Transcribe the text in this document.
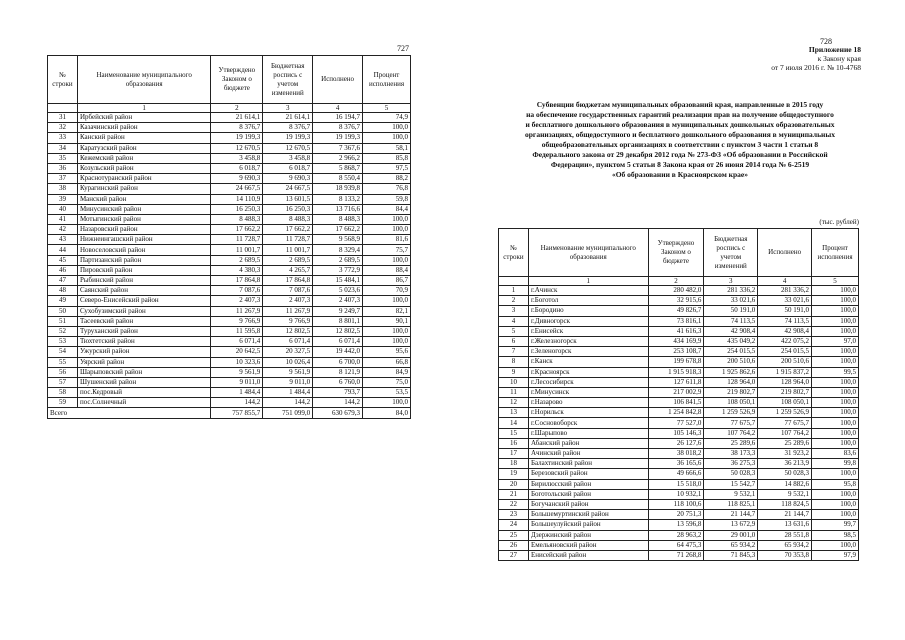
727
№ строки	Наименование муниципального образования	Утверждено Законом о бюджете	Бюджетная роспись с учетом изменений	Исполнено	Процент исполнения
	1	2	3	4	5
31	Ирбейский район	21 614,1	21 614,1	16 194,7	74,9
32	Казачинский район	8 376,7	8 376,7	8 376,7	100,0
33	Канский район	19 199,3	19 199,3	19 199,3	100,0
34	Каратузский район	12 670,5	12 670,5	7 367,6	58,1
35	Кежемский район	3 458,8	3 458,8	2 966,2	85,8
36	Козульский район	6 018,7	6 018,7	5 868,7	97,5
37	Краснотуранский район	9 690,3	9 690,3	8 550,4	88,2
38	Курагинский район	24 667,5	24 667,5	18 939,8	76,8
39	Манский район	14 110,9	13 601,5	8 133,2	59,8
40	Минусинский район	16 250,3	16 250,3	13 716,6	84,4
41	Мотыгинский район	8 488,3	8 488,3	8 488,3	100,0
42	Назаровский район	17 662,2	17 662,2	17 662,2	100,0
43	Нижнеингашский район	11 728,7	11 728,7	9 568,9	81,6
44	Новоселовский район	11 001,7	11 001,7	8 329,4	75,7
45	Партизанский район	2 689,5	2 689,5	2 689,5	100,0
46	Пировский район	4 380,3	4 265,7	3 772,9	88,4
47	Рыбинский район	17 864,8	17 864,8	15 484,1	86,7
48	Саянский район	7 087,6	7 087,6	5 023,6	70,9
49	Северо-Енисейский район	2 407,3	2 407,3	2 407,3	100,0
50	Сухобузимский район	11 267,9	11 267,9	9 249,7	82,1
51	Тасеевский район	9 766,9	9 766,9	8 801,1	90,1
52	Туруханский район	11 595,8	12 802,5	12 802,5	100,0
53	Тюхтетский район	6 071,4	6 071,4	6 071,4	100,0
54	Ужурский район	20 642,5	20 327,5	19 442,0	95,6
55	Уярский район	10 323,6	10 026,4	6 700,0	66,8
56	Шарыповский район	9 561,9	9 561,9	8 121,9	84,9
57	Шушенский район	9 011,0	9 011,0	6 760,0	75,0
58	пос.Кедровый	1 484,4	1 484,4	793,7	53,5
59	пос.Солнечный	144,2	144,2	144,2	100,0
Всего		757 855,7	751 099,0	630 679,3	84,0
728
Приложение 18
к Закону края
от 7 июля 2016 г. № 10-4768
Субвенции бюджетам муниципальных образований края, направленные в 2015 году
на обеспечение государственных гарантий реализации прав на получение общедоступного
и бесплатного дошкольного образования в муниципальных дошкольных образовательных
организациях, общедоступного и бесплатного дошкольного образования в муниципальных
общеобразовательных организациях в соответствии с пунктом 3 части 1 статьи 8
Федерального закона от 29 декабря 2012 года № 273-ФЗ «Об образовании в Российской
Федерации», пунктом 5 статьи 8 Закона края от 26 июня 2014 года № 6-2519
«Об образовании в Красноярском крае»
(тыс. рублей)
№ строки	Наименование муниципального образования	Утверждено Законом о бюджете	Бюджетная роспись с учетом изменений	Исполнено	Процент исполнения
	1	2	3	4	5
1	г.Ачинск	280 482,0	281 336,2	281 336,2	100,0
2	г.Боготол	32 915,6	33 021,6	33 021,6	100,0
3	г.Бородино	49 826,7	50 191,0	50 191,0	100,0
4	г.Дивногорск	73 816,1	74 113,5	74 113,5	100,0
5	г.Енисейск	41 616,3	42 908,4	42 908,4	100,0
6	г.Железногорск	434 169,9	435 049,2	422 075,2	97,0
7	г.Зеленогорск	253 108,7	254 015,5	254 015,5	100,0
8	г.Канск	199 678,8	200 510,6	200 510,6	100,0
9	г.Красноярск	1 915 918,3	1 925 862,6	1 915 837,2	99,5
10	г.Лесосибирск	127 611,8	128 964,0	128 964,0	100,0
11	г.Минусинск	217 002,9	219 802,7	219 802,7	100,0
12	г.Назарово	106 841,5	108 050,1	108 050,1	100,0
13	г.Норильск	1 254 842,8	1 259 526,9	1 259 526,9	100,0
14	г.Сосновоборск	77 527,0	77 675,7	77 675,7	100,0
15	г.Шарыпово	105 146,3	107 764,2	107 764,2	100,0
16	Абанский район	26 127,6	25 289,6	25 289,6	100,0
17	Ачинский район	38 018,2	38 173,3	31 923,2	83,6
18	Балахтинский район	36 165,6	36 275,3	36 213,9	99,8
19	Березовский район	49 666,6	50 028,3	50 028,3	100,0
20	Бирилюсский район	15 518,0	15 542,7	14 882,6	95,8
21	Боготольский район	10 932,1	9 532,1	9 532,1	100,0
22	Богучанский район	118 100,6	118 825,1	118 824,5	100,0
23	Большемуртинский район	20 751,3	21 144,7	21 144,7	100,0
24	Большеулуйский район	13 596,8	13 672,9	13 631,6	99,7
25	Дзержинский район	28 963,2	29 001,0	28 551,8	98,5
26	Емельяновский район	64 475,3	65 934,2	65 934,2	100,0
27	Енисейский район	71 268,8	71 845,3	70 353,8	97,9
